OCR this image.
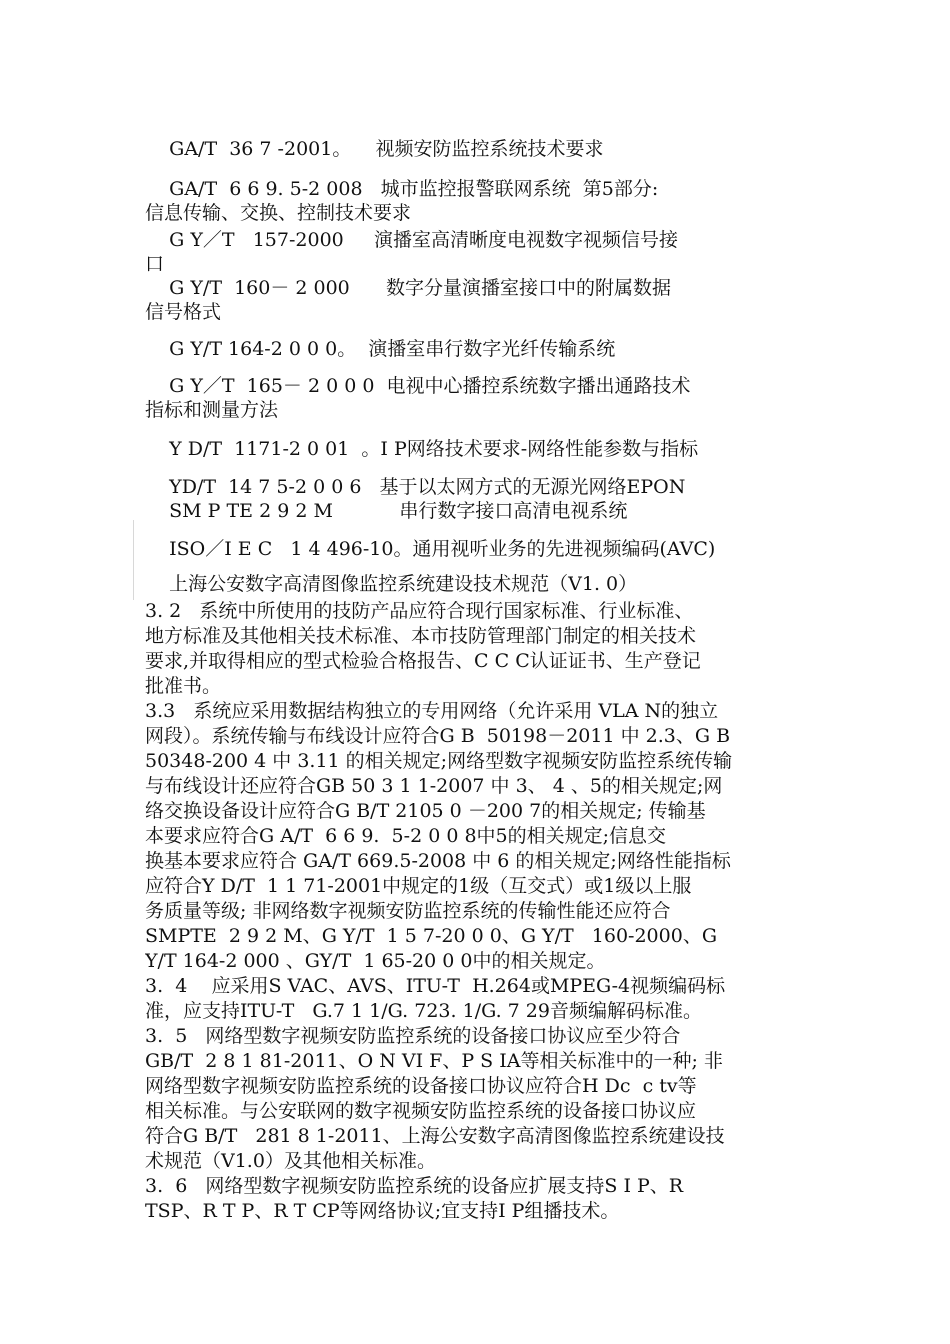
GA/T  36 7 -2001。    视频安防监控系统技术要求
GA/T  6 6 9. 5-2 008   城市监控报警联网系统  第5部分:
信息传输、交换、控制技术要求
G Y／T   157-2000     演播室高清晰度电视数字视频信号接
口
G Y/T  160－ 2 000      数字分量演播室接口中的附属数据
信号格式
G Y/T 164-2 0 0 0。  演播室串行数字光纤传输系统
G Y／T  165－ 2 0 0 0  电视中心播控系统数字播出通路技术
指标和测量方法
Y D/T  1171-2 0 01  。I P网络技术要求-网络性能参数与指标
YD/T  14 7 5-2 0 0 6   基于以太网方式的无源光网络EPON
SM P TE 2 9 2 M           串行数字接口高清电视系统
ISO／I E C   1 4 496-10。通用视听业务的先进视频编码(AVC)
上海公安数字高清图像监控系统建设技术规范（V1. 0）
3. 2   系统中所使用的技防产品应符合现行国家标准、行业标准、
地方标准及其他相关技术标准、本市技防管理部门制定的相关技术
要求,并取得相应的型式检验合格报告、C C C认证证书、生产登记
批准书。
3.3   系统应采用数据结构独立的专用网络（允许采用 VLA N的独立
网段）。系统传输与布线设计应符合G B  50198－2011 中 2.3、G B
50348-200 4 中 3.11 的相关规定;网络型数字视频安防监控系统传输
与布线设计还应符合GB 50 3 1 1-2007 中 3、 4 、5的相关规定;网
络交换设备设计应符合G B/T 2105 0 －200 7的相关规定; 传输基
本要求应符合G A/T  6 6 9.  5-2 0 0 8中5的相关规定;信息交
换基本要求应符合 GA/T 669.5-2008 中 6 的相关规定;网络性能指标
应符合Y D/T  1 1 71-2001中规定的1级（互交式）或1级以上服
务质量等级; 非网络数字视频安防监控系统的传输性能还应符合
SMPTE  2 9 2 M、G Y/T  1 5 7-20 0 0、G Y/T   160-2000、G
Y/T 164-2 000 、GY/T  1 65-20 0 0中的相关规定。
3.  4    应采用S VAC、AVS、ITU-T  H.264或MPEG-4视频编码标
准，应支持ITU-T   G.7 1 1/G. 723. 1/G. 7 29音频编解码标准。
3.  5   网络型数字视频安防监控系统的设备接口协议应至少符合
GB/T  2 8 1 81-2011、O N VI F、P S IA等相关标准中的一种; 非
网络型数字视频安防监控系统的设备接口协议应符合H Dc  c tv等
相关标准。与公安联网的数字视频安防监控系统的设备接口协议应
符合G B/T   281 8 1-2011、上海公安数字高清图像监控系统建设技
术规范（V1.0）及其他相关标准。
3.  6   网络型数字视频安防监控系统的设备应扩展支持S I P、R
TSP、R T P、R T CP等网络协议;宜支持I P组播技术。
